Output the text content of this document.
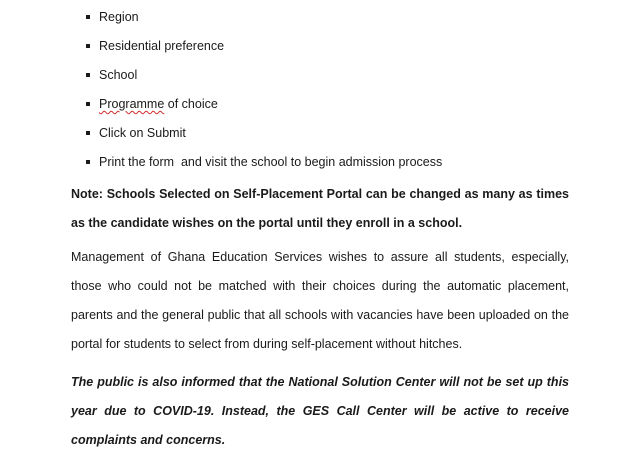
Region
Residential preference
School
Programme of choice
Click on Submit
Print the form  and visit the school to begin admission process

Note: Schools Selected on Self-Placement Portal can be changed as many as times as the candidate wishes on the portal until they enroll in a school.

Management of Ghana Education Services wishes to assure all students, especially, those who could not be matched with their choices during the automatic placement, parents and the general public that all schools with vacancies have been uploaded on the portal for students to select from during self-placement without hitches.

The public is also informed that the National Solution Center will not be set up this year due to COVID-19. Instead, the GES Call Center will be active to receive complaints and concerns.
